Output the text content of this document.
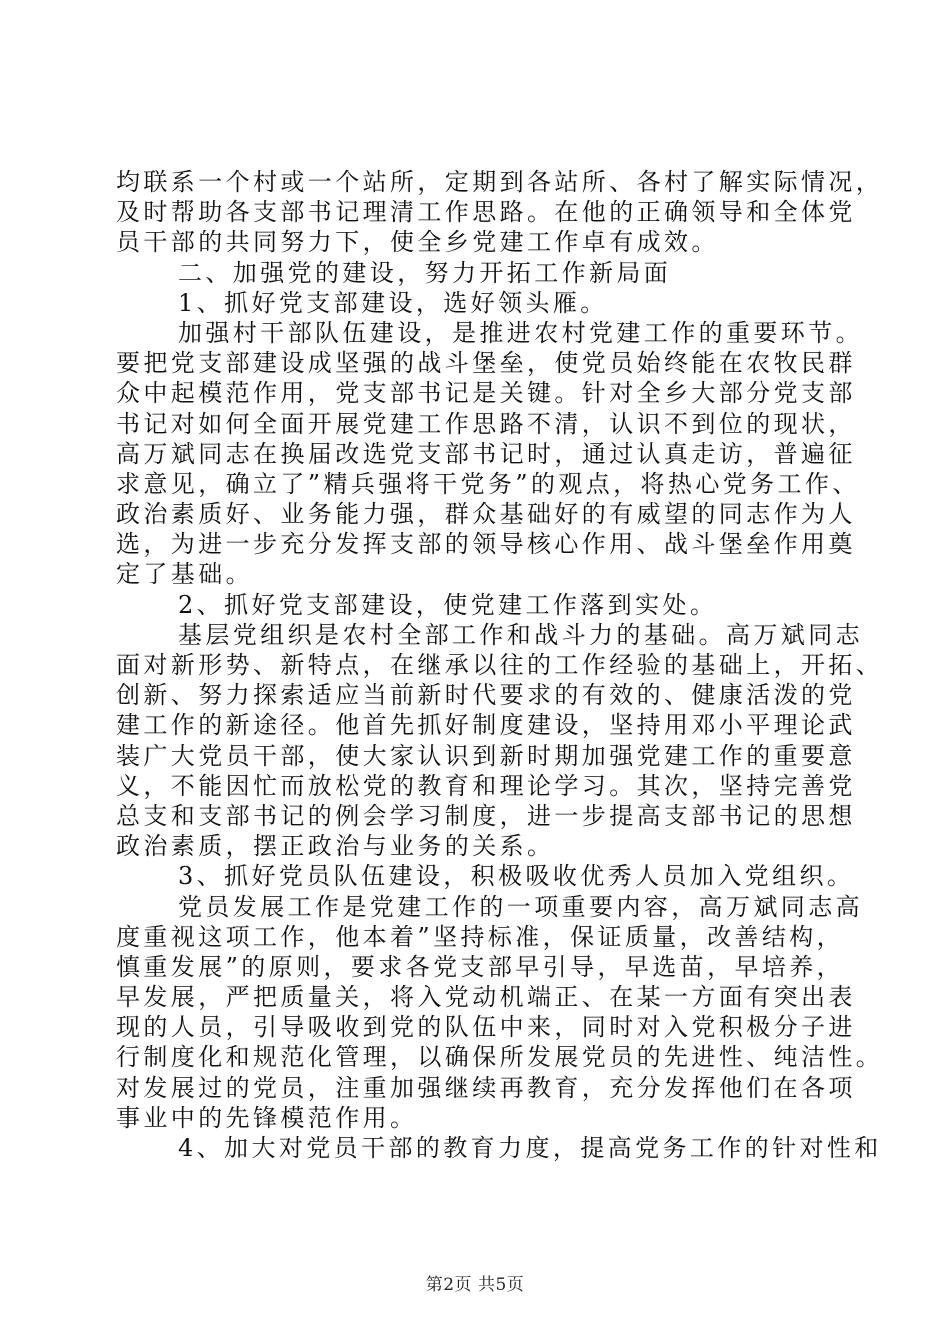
均联系一个村或一个站所，定期到各站所、各村了解实际情况，
及时帮助各支部书记理清工作思路。在他的正确领导和全体党
员干部的共同努力下，使全乡党建工作卓有成效。
二、加强党的建设，努力开拓工作新局面
1、抓好党支部建设，选好领头雁。
加强村干部队伍建设，是推进农村党建工作的重要环节。
要把党支部建设成坚强的战斗堡垒，使党员始终能在农牧民群
众中起模范作用，党支部书记是关键。针对全乡大部分党支部
书记对如何全面开展党建工作思路不清，认识不到位的现状，
高万斌同志在换届改选党支部书记时，通过认真走访，普遍征
求意见，确立了”精兵强将干党务”的观点，将热心党务工作、
政治素质好、业务能力强，群众基础好的有威望的同志作为人
选，为进一步充分发挥支部的领导核心作用、战斗堡垒作用奠
定了基础。
2、抓好党支部建设，使党建工作落到实处。
基层党组织是农村全部工作和战斗力的基础。高万斌同志
面对新形势、新特点，在继承以往的工作经验的基础上，开拓、
创新、努力探索适应当前新时代要求的有效的、健康活泼的党
建工作的新途径。他首先抓好制度建设，坚持用邓小平理论武
装广大党员干部，使大家认识到新时期加强党建工作的重要意
义，不能因忙而放松党的教育和理论学习。其次，坚持完善党
总支和支部书记的例会学习制度，进一步提高支部书记的思想
政治素质，摆正政治与业务的关系。
3、抓好党员队伍建设，积极吸收优秀人员加入党组织。
党员发展工作是党建工作的一项重要内容，高万斌同志高
度重视这项工作，他本着”坚持标准，保证质量，改善结构，
慎重发展”的原则，要求各党支部早引导，早选苗，早培养，
早发展，严把质量关，将入党动机端正、在某一方面有突出表
现的人员，引导吸收到党的队伍中来，同时对入党积极分子进
行制度化和规范化管理，以确保所发展党员的先进性、纯洁性。
对发展过的党员，注重加强继续再教育，充分发挥他们在各项
事业中的先锋模范作用。
4、加大对党员干部的教育力度，提高党务工作的针对性和
第2页 共5页
